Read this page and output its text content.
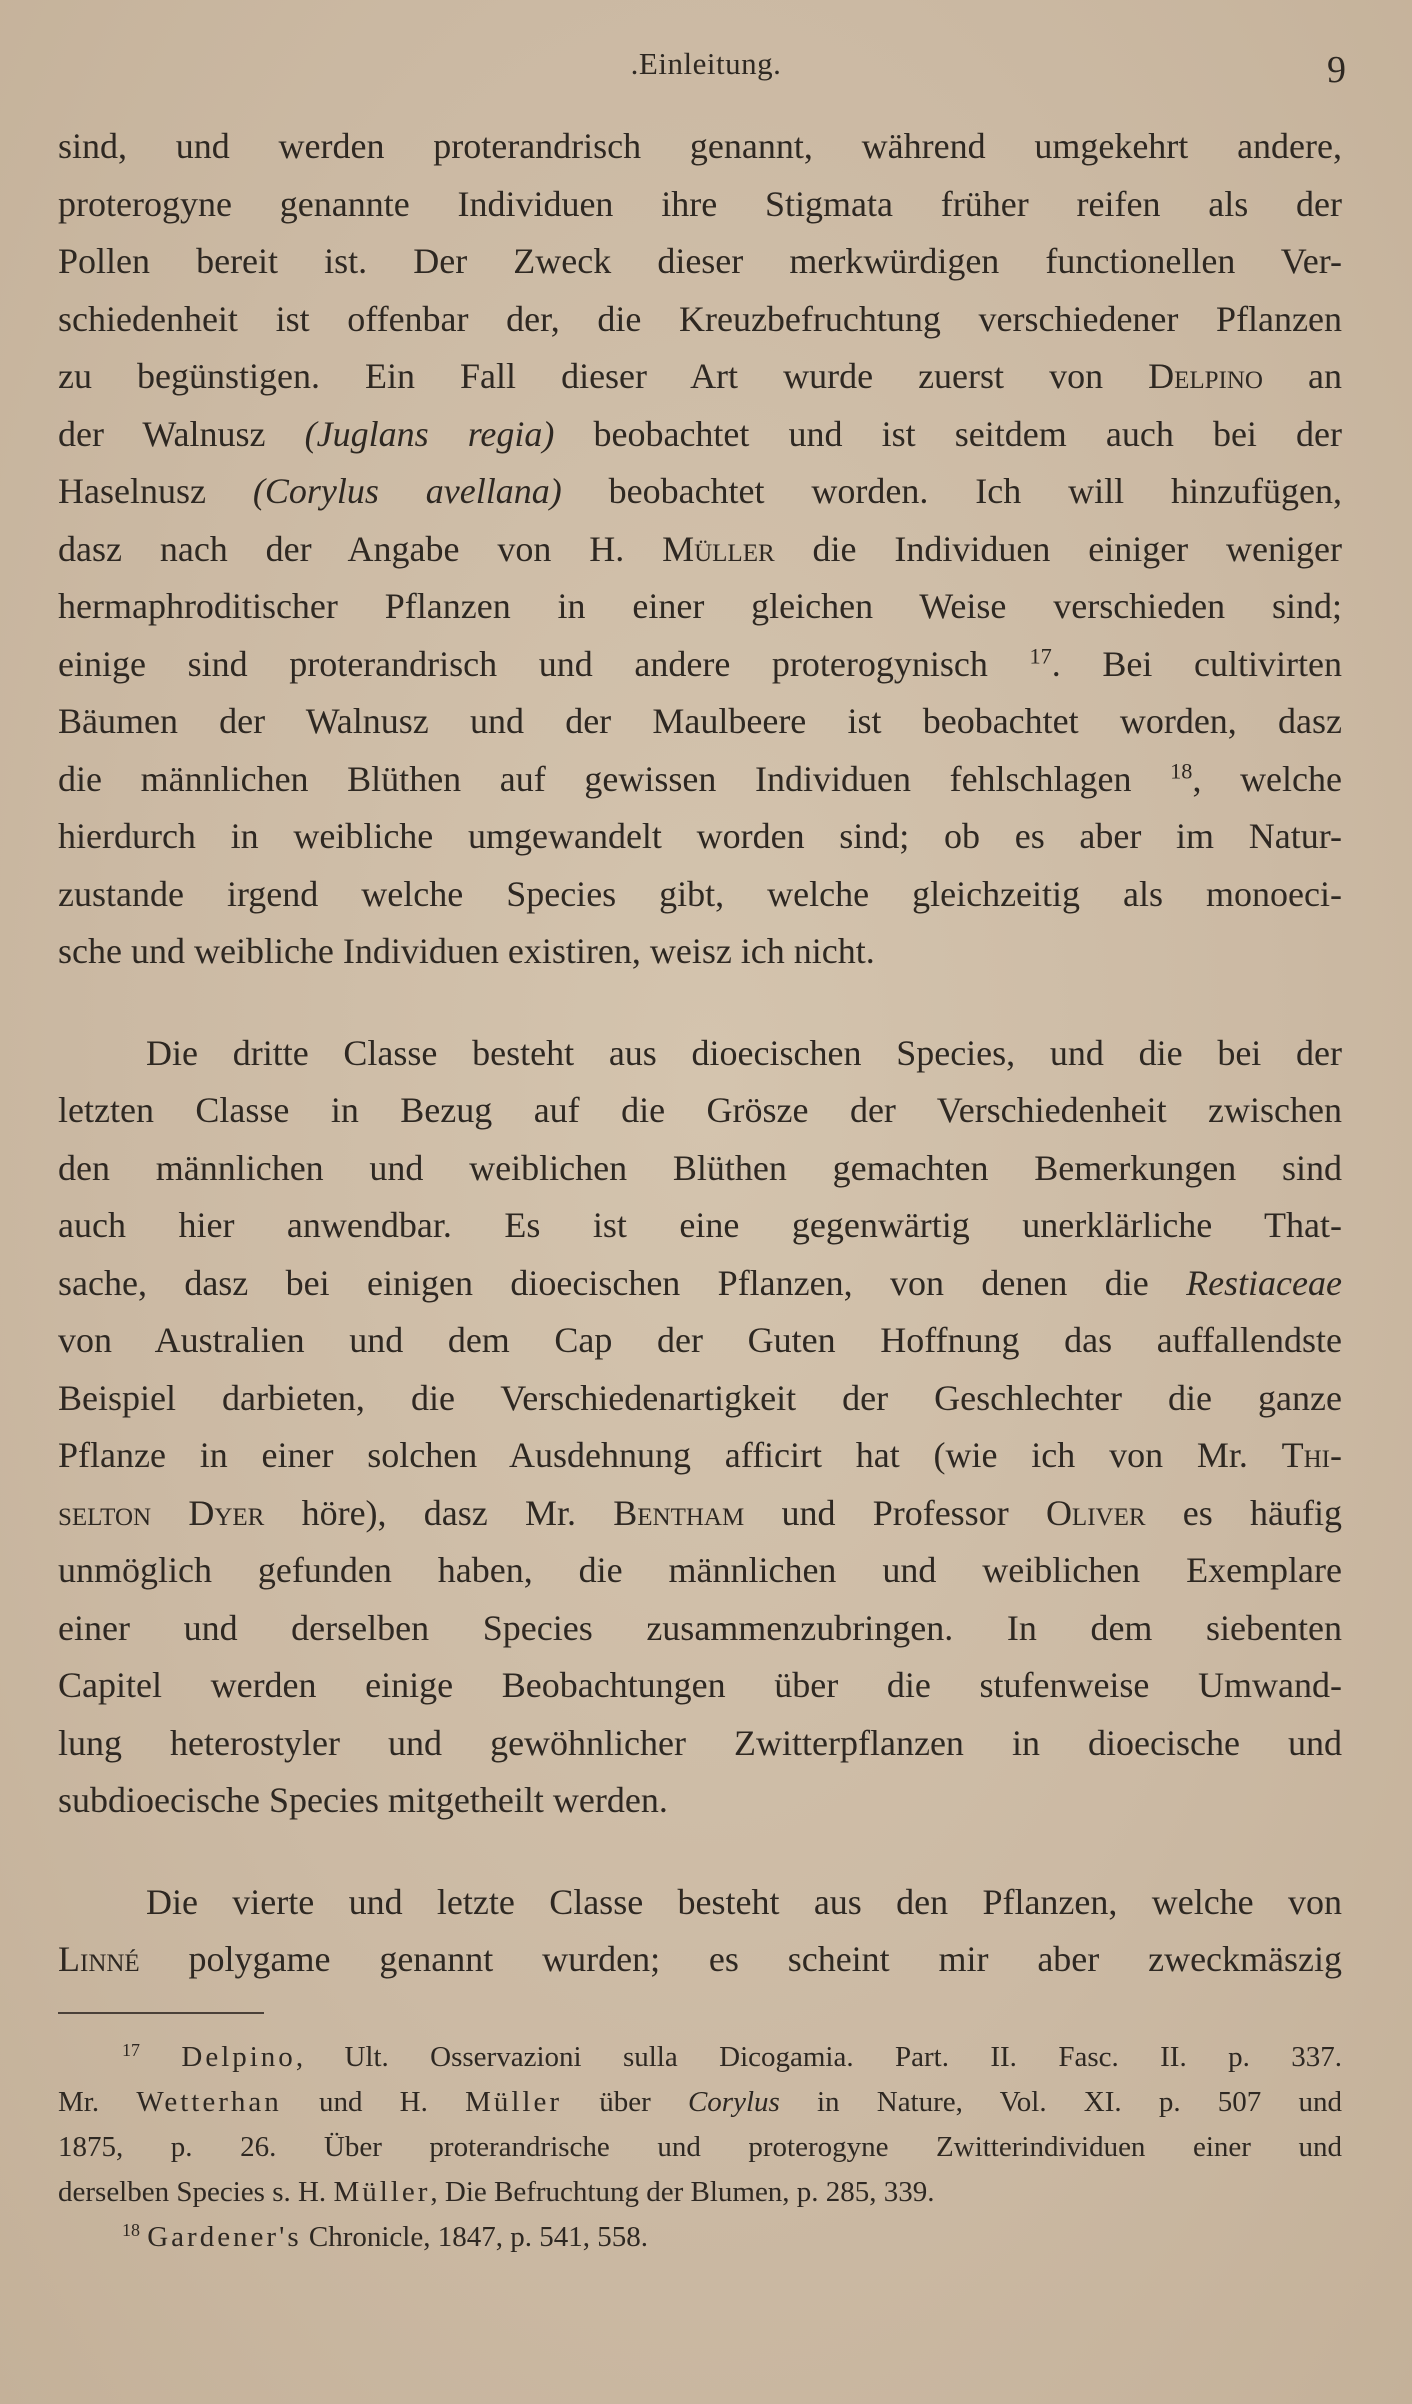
.Einleitung.	9
sind, und werden proterandrisch genannt, während umgekehrt andere,
proterogyne genannte Individuen ihre Stigmata früher reifen als der
Pollen bereit ist. Der Zweck dieser merkwürdigen functionellen Ver-
schiedenheit ist offenbar der, die Kreuzbefruchtung verschiedener Pflanzen
zu begünstigen. Ein Fall dieser Art wurde zuerst von Delpino an
der Walnusz (Juglans regia) beobachtet und ist seitdem auch bei der
Haselnusz (Corylus avellana) beobachtet worden. Ich will hinzufügen,
dasz nach der Angabe von H. Müller die Individuen einiger weniger
hermaphroditischer Pflanzen in einer gleichen Weise verschieden sind;
einige sind proterandrisch und andere proterogynisch $^{17}$. Bei cultivirten
Bäumen der Walnusz und der Maulbeere ist beobachtet worden, dasz
die männlichen Blüthen auf gewissen Individuen fehlschlagen $^{18}$, welche
hierdurch in weibliche umgewandelt worden sind; ob es aber im Natur-
zustande irgend welche Species gibt, welche gleichzeitig als monoeci-
sche und weibliche Individuen existiren, weisz ich nicht.
Die dritte Classe besteht aus dioecischen Species, und die bei der
letzten Classe in Bezug auf die Grösze der Verschiedenheit zwischen
den männlichen und weiblichen Blüthen gemachten Bemerkungen sind
auch hier anwendbar. Es ist eine gegenwärtig unerklärliche That-
sache, dasz bei einigen dioecischen Pflanzen, von denen die Restiaceae
von Australien und dem Cap der Guten Hoffnung das auffallendste
Beispiel darbieten, die Verschiedenartigkeit der Geschlechter die ganze
Pflanze in einer solchen Ausdehnung afficirt hat (wie ich von Mr. Thi-
selton Dyer höre), dasz Mr. Bentham und Professor Oliver es häufig
unmöglich gefunden haben, die männlichen und weiblichen Exemplare
einer und derselben Species zusammenzubringen. In dem siebenten
Capitel werden einige Beobachtungen über die stufenweise Umwand-
lung heterostyler und gewöhnlicher Zwitterpflanzen in dioecische und
subdioecische Species mitgetheilt werden.
Die vierte und letzte Classe besteht aus den Pflanzen, welche von
Linné polygame genannt wurden; es scheint mir aber zweckmäszig
$^{17}$ Delpino, Ult. Osservazioni sulla Dicogamia. Part. II. Fasc. II. p. 337.
Mr. Wetterhan und H. Müller über Corylus in Nature, Vol. XI. p. 507 und
1875, p. 26. Über proterandrische und proterogyne Zwitterindividuen einer und
derselben Species s. H. Müller, Die Befruchtung der Blumen, p. 285, 339.
$^{18}$ Gardener's Chronicle, 1847, p. 541, 558.
